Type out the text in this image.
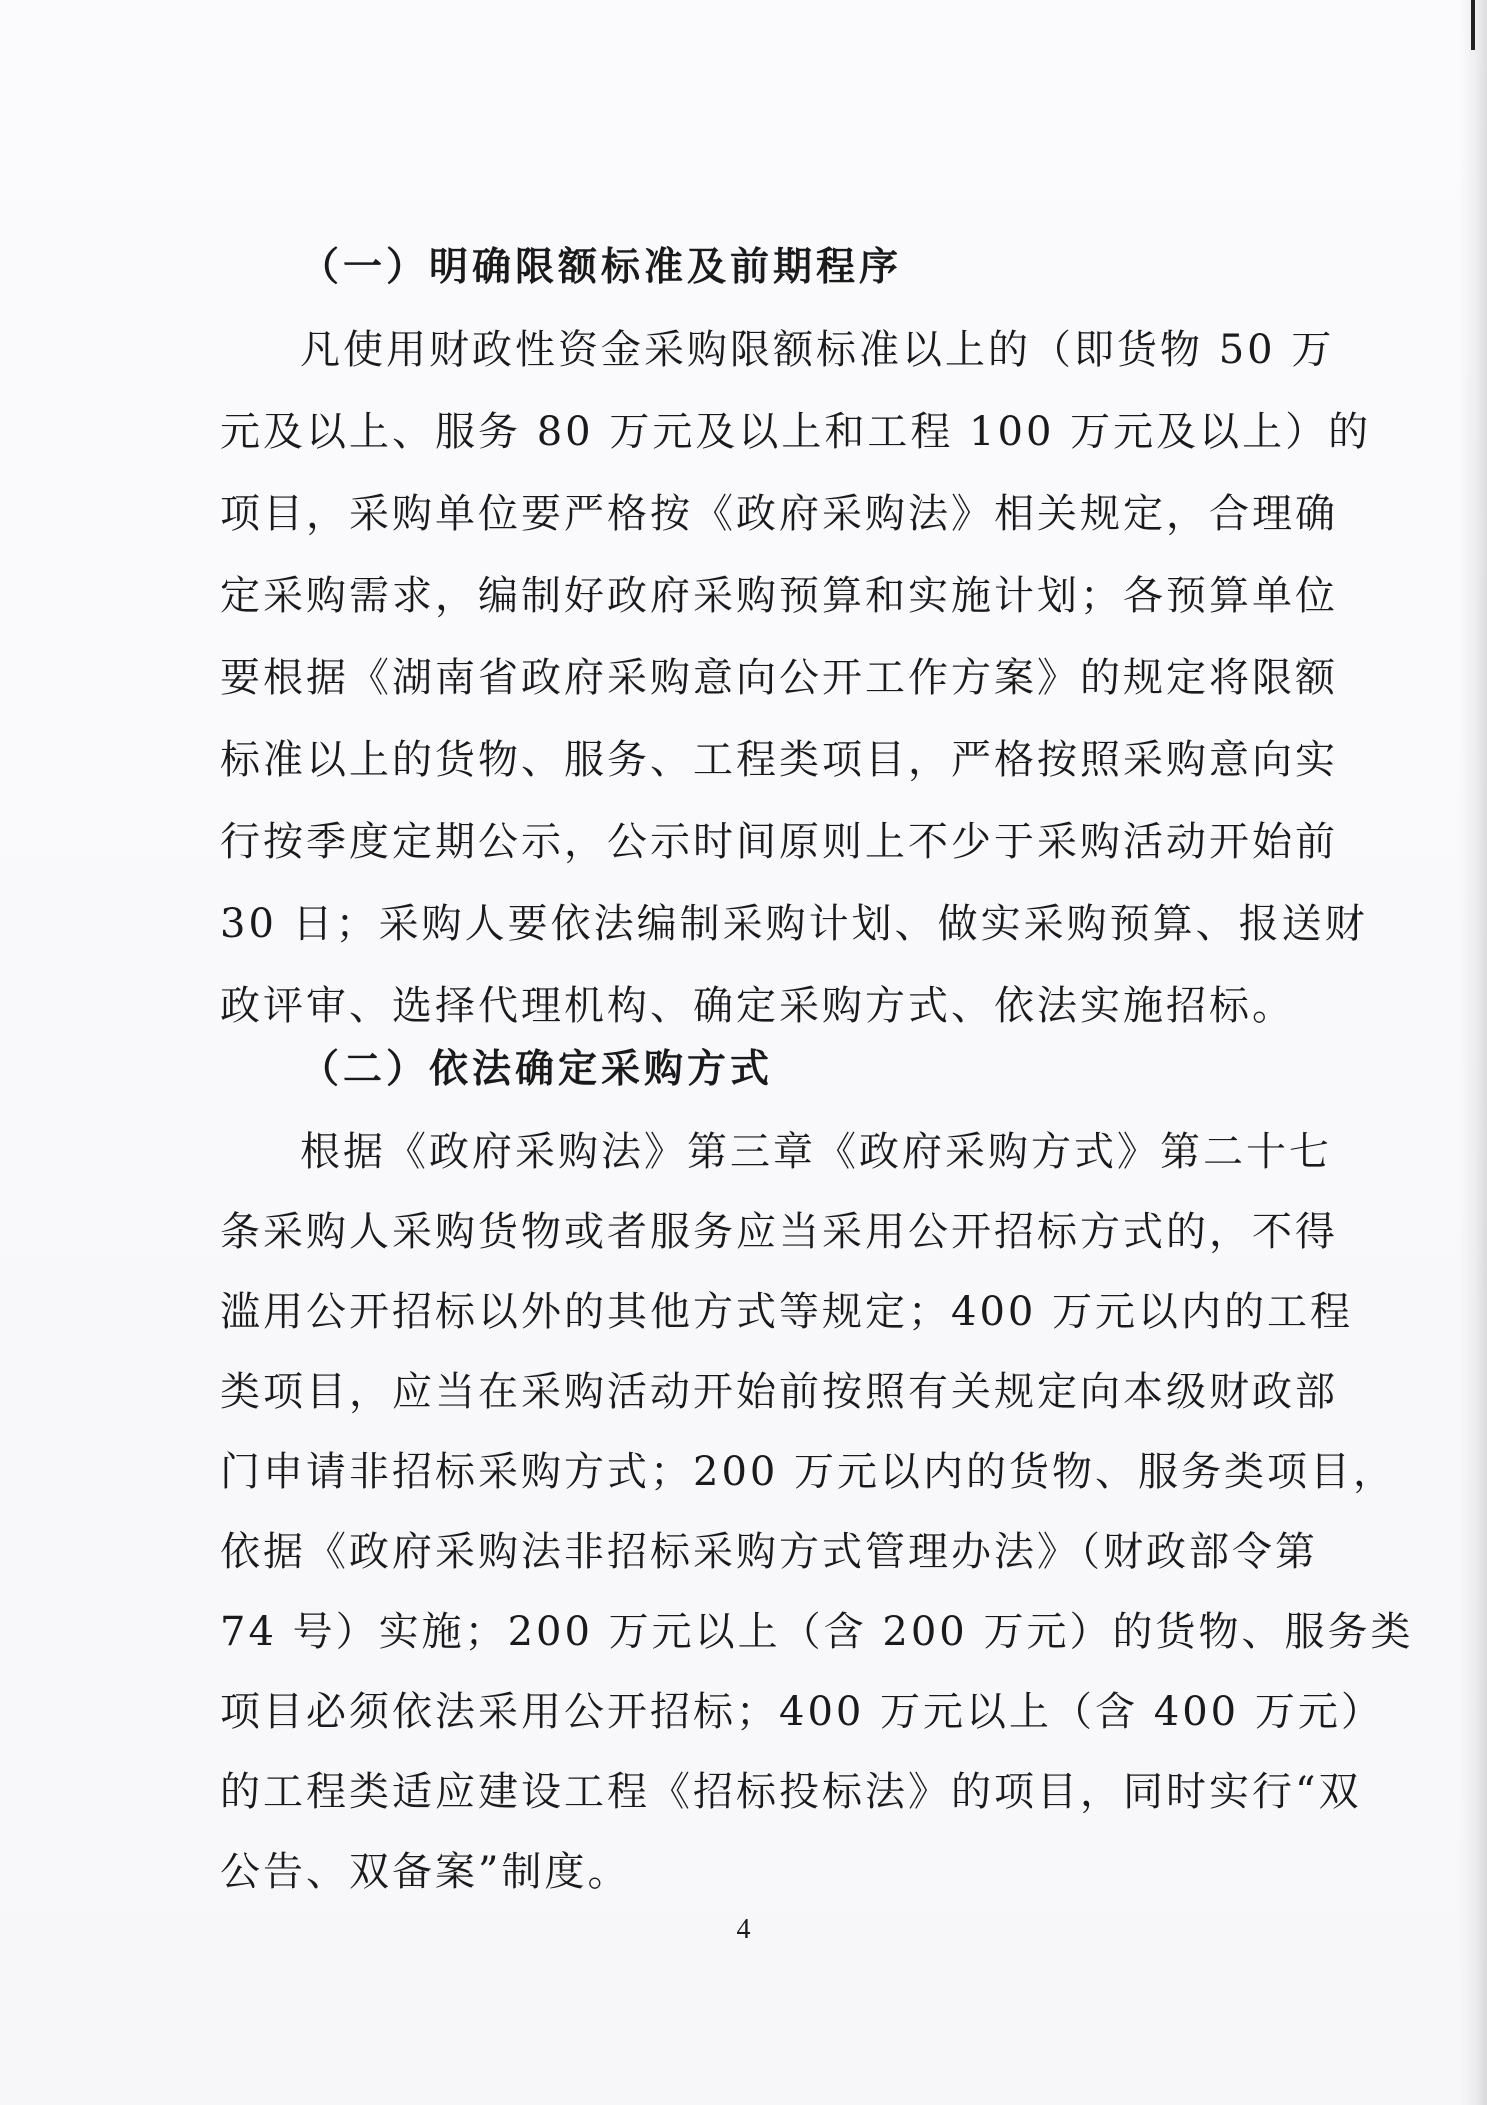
（一）明确限额标准及前期程序
凡使用财政性资金采购限额标准以上的（即货物 50 万
元及以上、服务 80 万元及以上和工程 100 万元及以上）的
项目，采购单位要严格按《政府采购法》相关规定，合理确
定采购需求，编制好政府采购预算和实施计划；各预算单位
要根据《湖南省政府采购意向公开工作方案》的规定将限额
标准以上的货物、服务、工程类项目，严格按照采购意向实
行按季度定期公示，公示时间原则上不少于采购活动开始前
30 日；采购人要依法编制采购计划、做实采购预算、报送财
政评审、选择代理机构、确定采购方式、依法实施招标。
（二）依法确定采购方式
根据《政府采购法》第三章《政府采购方式》第二十七
条采购人采购货物或者服务应当采用公开招标方式的，不得
滥用公开招标以外的其他方式等规定；400 万元以内的工程
类项目，应当在采购活动开始前按照有关规定向本级财政部
门申请非招标采购方式；200 万元以内的货物、服务类项目，
依据《政府采购法非招标采购方式管理办法》（财政部令第
74 号）实施；200 万元以上（含 200 万元）的货物、服务类
项目必须依法采用公开招标；400 万元以上（含 400 万元）
的工程类适应建设工程《招标投标法》的项目，同时实行“双
公告、双备案”制度。
4
